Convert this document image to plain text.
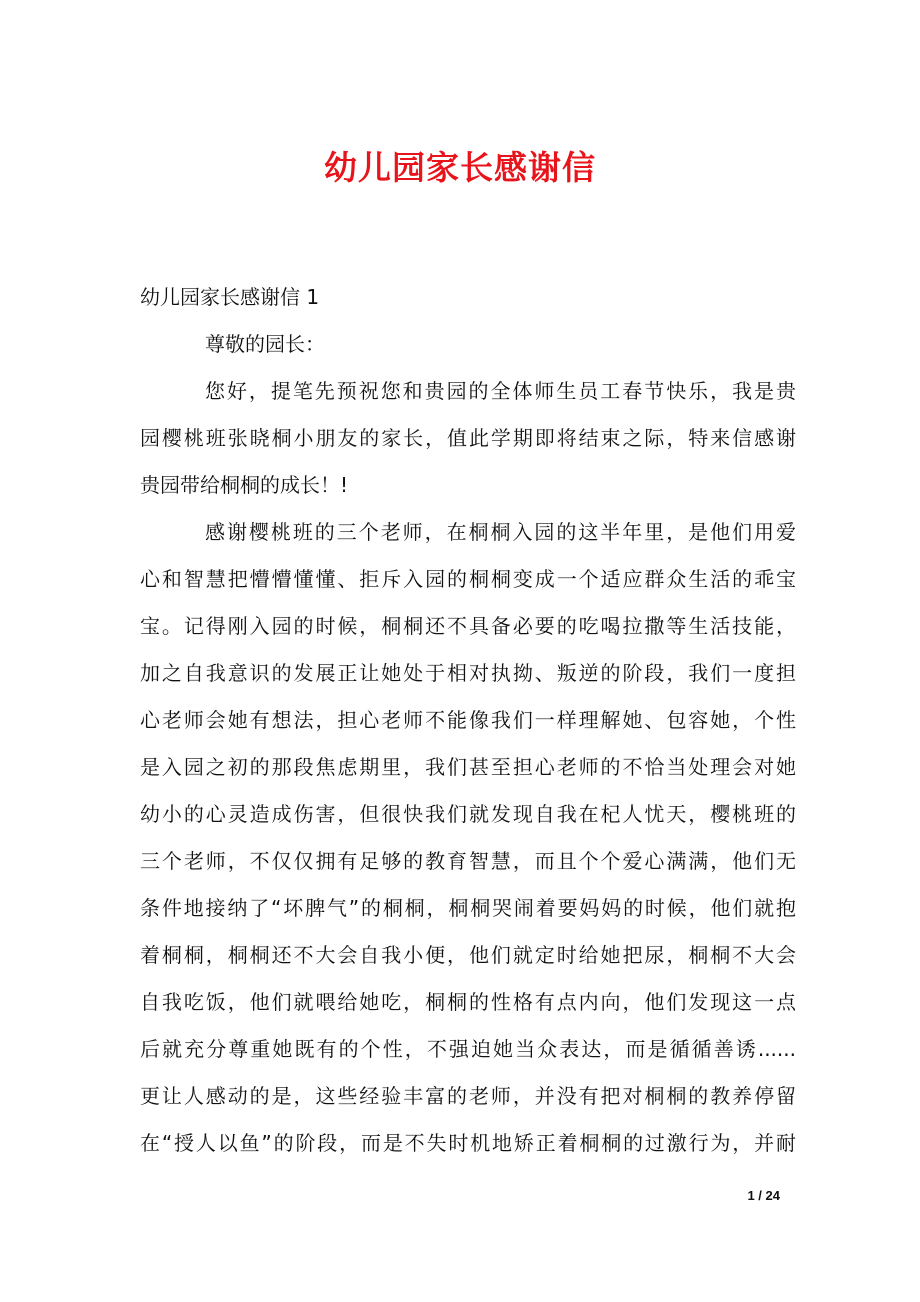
幼儿园家长感谢信
幼儿园家长感谢信 1
尊敬的园长：
您好，提笔先预祝您和贵园的全体师生员工春节快乐，我是贵
园樱桃班张晓桐小朋友的家长，值此学期即将结束之际，特来信感谢
贵园带给桐桐的成长！!
感谢樱桃班的三个老师，在桐桐入园的这半年里，是他们用爱
心和智慧把懵懵懂懂、拒斥入园的桐桐变成一个适应群众生活的乖宝
宝。记得刚入园的时候，桐桐还不具备必要的吃喝拉撒等生活技能，
加之自我意识的发展正让她处于相对执拗、叛逆的阶段，我们一度担
心老师会她有想法，担心老师不能像我们一样理解她、包容她，个性
是入园之初的那段焦虑期里，我们甚至担心老师的不恰当处理会对她
幼小的心灵造成伤害，但很快我们就发现自我在杞人忧天，樱桃班的
三个老师，不仅仅拥有足够的教育智慧，而且个个爱心满满，他们无
条件地接纳了“坏脾气”的桐桐，桐桐哭闹着要妈妈的时候，他们就抱
着桐桐，桐桐还不大会自我小便，他们就定时给她把尿，桐桐不大会
自我吃饭，他们就喂给她吃，桐桐的性格有点内向，他们发现这一点
后就充分尊重她既有的个性，不强迫她当众表达，而是循循善诱......
更让人感动的是，这些经验丰富的老师，并没有把对桐桐的教养停留
在“授人以鱼”的阶段，而是不失时机地矫正着桐桐的过激行为，并耐
1 / 24
